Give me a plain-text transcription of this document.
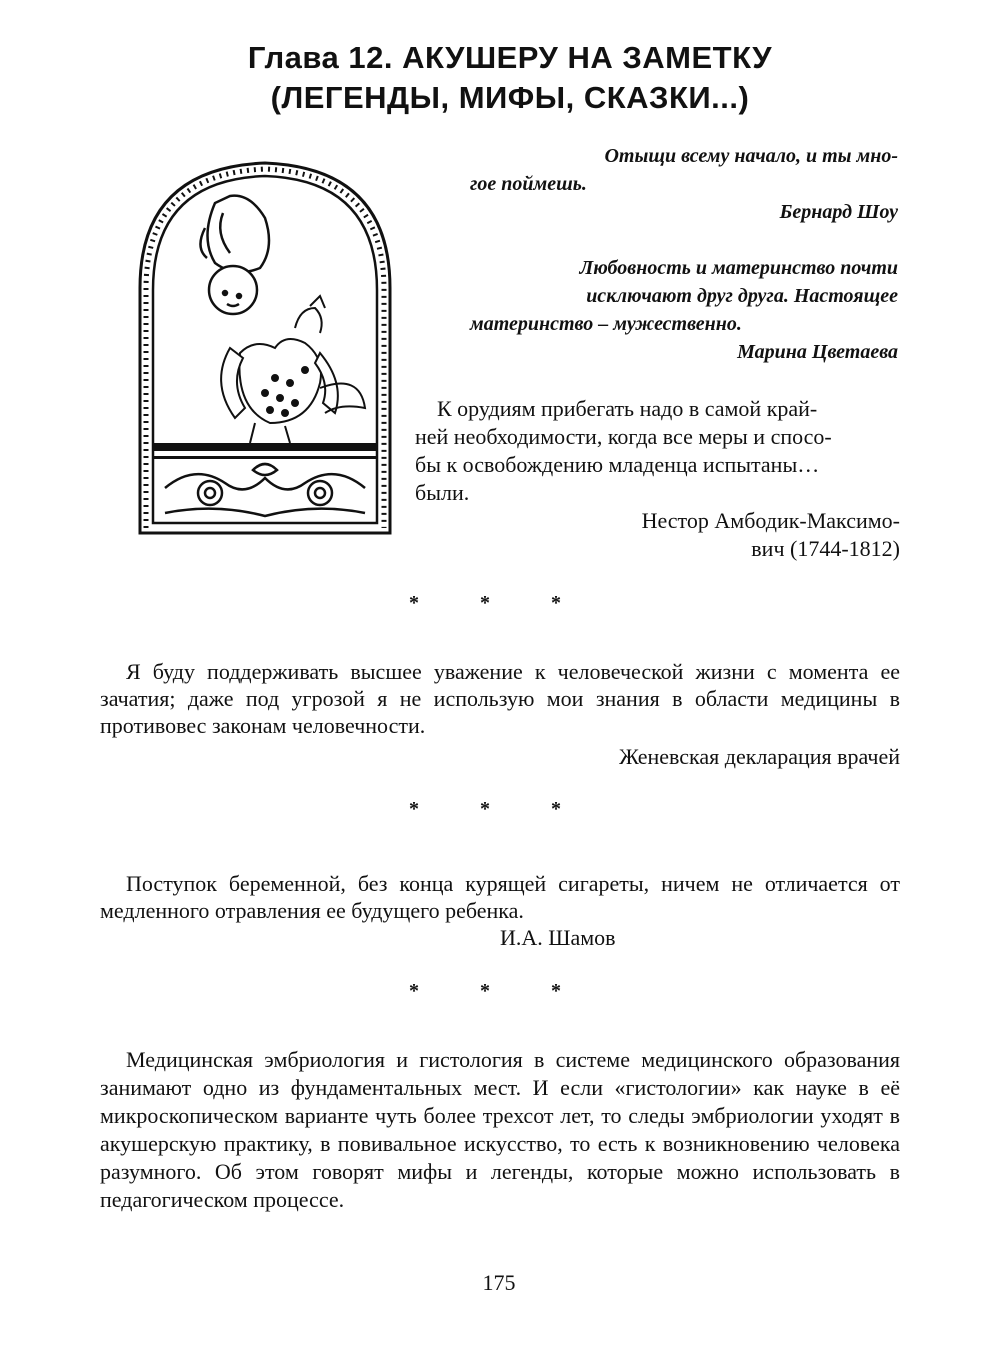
Глава 12. АКУШЕРУ НА ЗАМЕТКУ
(ЛЕГЕНДЫ, МИФЫ, СКАЗКИ...)

Отыщи всему начало, и ты мно-

гое поймешь.

Бернард Шоу

Любовность и материнство почти

исключают друг друга. Настоящее

материнство – мужественно.

Марина Цветаева

К орудиям прибегать надо в самой край-

ней необходимости, когда все меры и спосо-

бы к освобождению младенца испытаны…

были.

Нестор Амбодик-Максимо-

вич (1744-1812)

* * *

Я буду поддерживать высшее уважение к человеческой жизни с момента ее зачатия; даже под угрозой я не использую мои знания в области медицины в противовес законам человечности.

Женевская декларация врачей
* * *

Поступок беременной, без конца курящей сигареты, ничем не отличается от медленного отравления ее будущего ребенка.

И.А. Шамов
* * *

Медицинская эмбриология и гистология в системе медицинского образования занимают одно из фундаментальных мест. И если «гистологии» как науке в её микроскопическом варианте чуть более трехсот лет, то следы эмбриологии уходят в акушерскую практику, в повивальное искусство, то есть к возникновению человека разумного. Об этом говорят мифы и легенды, которые можно использовать в педагогическом процессе.

175
